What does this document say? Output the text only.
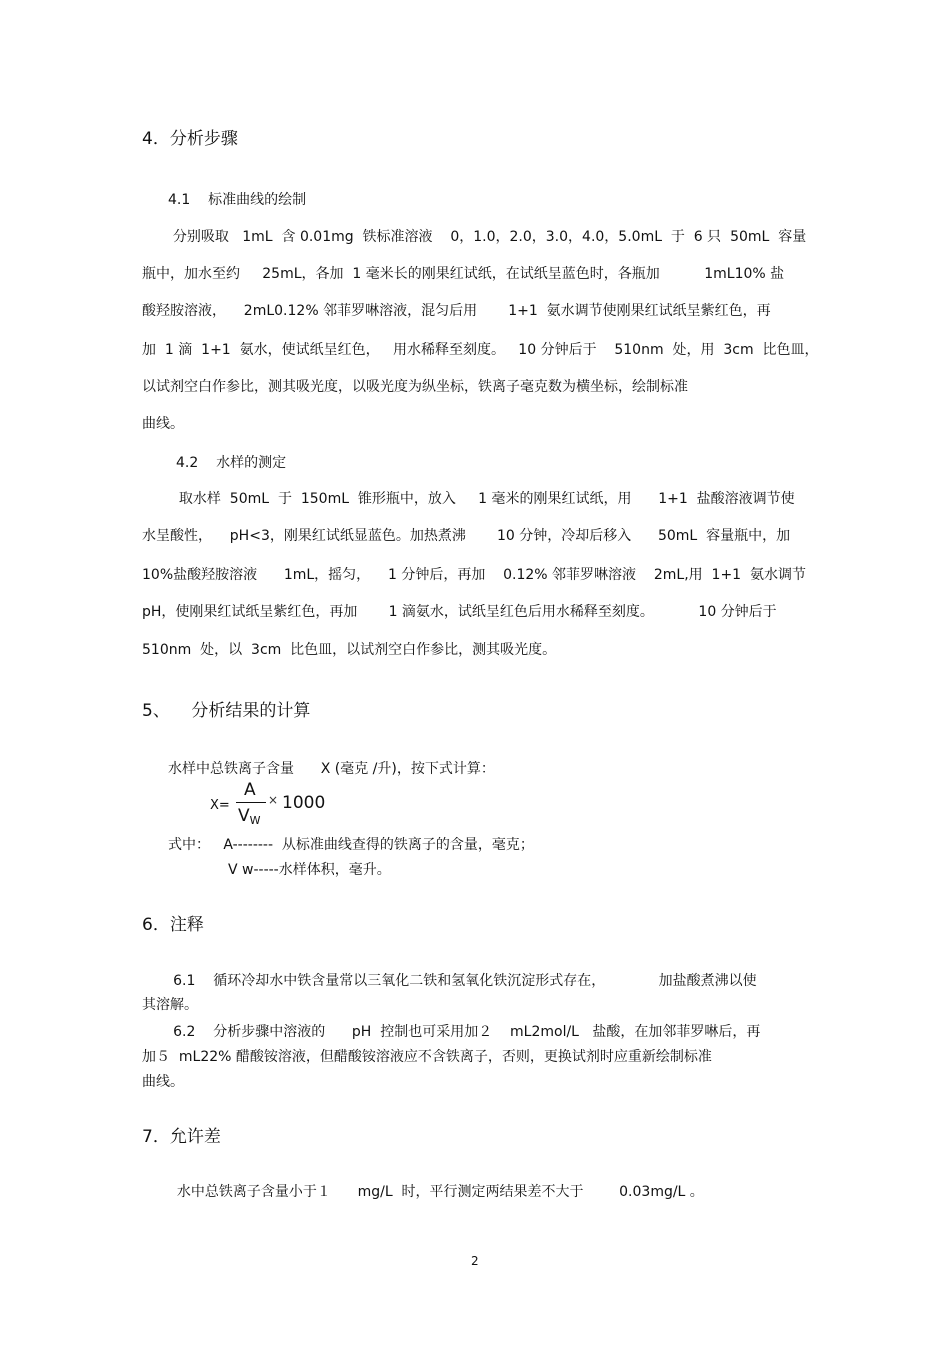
4．分析步骤
4.1    标准曲线的绘制
分别吸取   1mL  含 0.01mg  铁标准溶液    0，1.0，2.0，3.0，4.0，5.0mL  于  6 只  50mL  容量
瓶中，加水至约     25mL，各加  1 毫米长的刚果红试纸，在试纸呈蓝色时，各瓶加          1mL10% 盐
酸羟胺溶液，    2mL0.12% 邻菲罗啉溶液，混匀后用       1+1  氨水调节使刚果红试纸呈紫红色，再
加  1 滴  1+1  氨水，使试纸呈红色，   用水稀释至刻度。   10 分钟后于    510nm  处，用  3cm  比色皿，
以试剂空白作参比，测其吸光度，以吸光度为纵坐标，铁离子毫克数为横坐标，绘制标准
曲线。
4.2    水样的测定
取水样  50mL  于  150mL  锥形瓶中，放入     1 毫米的刚果红试纸，用      1+1  盐酸溶液调节使
水呈酸性，    pH<3，刚果红试纸显蓝色。加热煮沸       10 分钟，冷却后移入      50mL  容量瓶中，加
10%盐酸羟胺溶液      1mL，摇匀，    1 分钟后，再加    0.12% 邻菲罗啉溶液    2mL,用  1+1  氨水调节
pH，使刚果红试纸呈紫红色，再加       1 滴氨水，试纸呈红色后用水稀释至刻度。          10 分钟后于
510nm  处，以  3cm  比色皿，以试剂空白作参比，测其吸光度。
5、    分析结果的计算
水样中总铁离子含量      X (毫克 /升)，按下式计算：
X=
A
$V_W$
× 1000
式中：   A--------  从标准曲线查得的铁离子的含量，毫克；
V w-----水样体积，毫升。
6．注释
6.1    循环冷却水中铁含量常以三氧化二铁和氢氧化铁沉淀形式存在，            加盐酸煮沸以使
其溶解。
6.2    分析步骤中溶液的      pH  控制也可采用加２    mL2mol/L   盐酸，在加邻菲罗啉后，再
加５  mL22% 醋酸铵溶液，但醋酸铵溶液应不含铁离子，否则，更换试剂时应重新绘制标准
曲线。
7．允许差
水中总铁离子含量小于１      mg/L  时，平行测定两结果差不大于        0.03mg/L 。
2
